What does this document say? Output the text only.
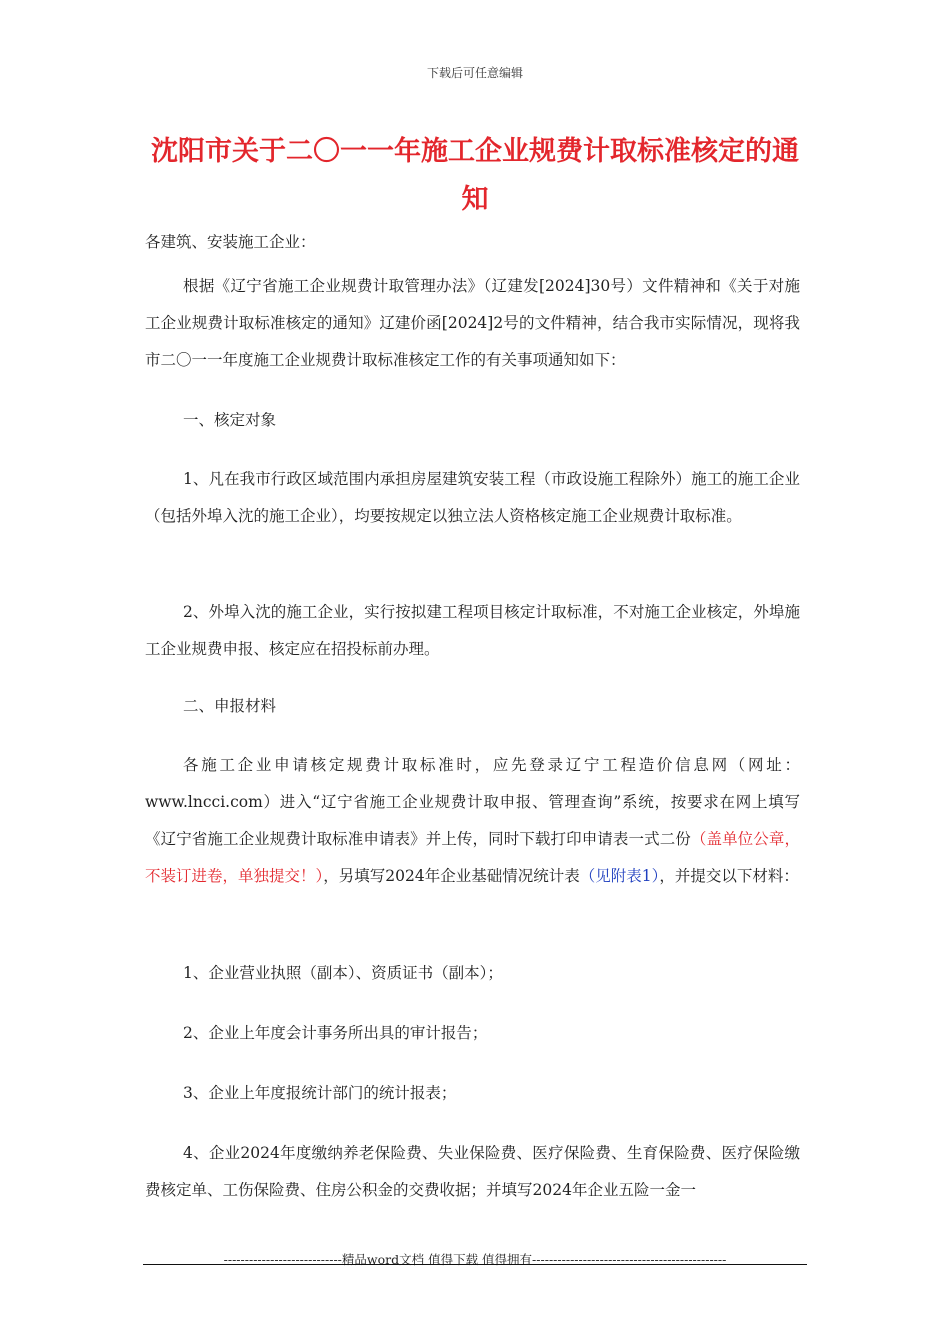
下载后可任意编辑
沈阳市关于二〇一一年施工企业规费计取标准核定的通知

各建筑、安装施工企业：

根据《辽宁省施工企业规费计取管理办法》（辽建发[2024]30号）文件精神和《关于对施工企业规费计取标准核定的通知》辽建价函[2024]2号的文件精神，结合我市实际情况，现将我市二〇一一年度施工企业规费计取标准核定工作的有关事项通知如下：

一、核定对象

1、凡在我市行政区域范围内承担房屋建筑安装工程（市政设施工程除外）施工的施工企业（包括外埠入沈的施工企业），均要按规定以独立法人资格核定施工企业规费计取标准。

2、外埠入沈的施工企业，实行按拟建工程项目核定计取标准，不对施工企业核定，外埠施工企业规费申报、核定应在招投标前办理。

二、申报材料

各施工企业申请核定规费计取标准时，应先登录辽宁工程造价信息网（网址：www.lncci.com）进入“辽宁省施工企业规费计取申报、管理查询”系统，按要求在网上填写《辽宁省施工企业规费计取标准申请表》并上传，同时下载打印申请表一式二份（盖单位公章，不装订进卷，单独提交！），另填写2024年企业基础情况统计表（见附表1），并提交以下材料：

1、企业营业执照（副本）、资质证书（副本）；

2、企业上年度会计事务所出具的审计报告；

3、企业上年度报统计部门的统计报表；

4、企业2024年度缴纳养老保险费、失业保险费、医疗保险费、生育保险费、医疗保险缴费核定单、工伤保险费、住房公积金的交费收据；并填写2024年企业五险一金一

----------------------------精品word文档 值得下载 值得拥有----------------------------------------------
